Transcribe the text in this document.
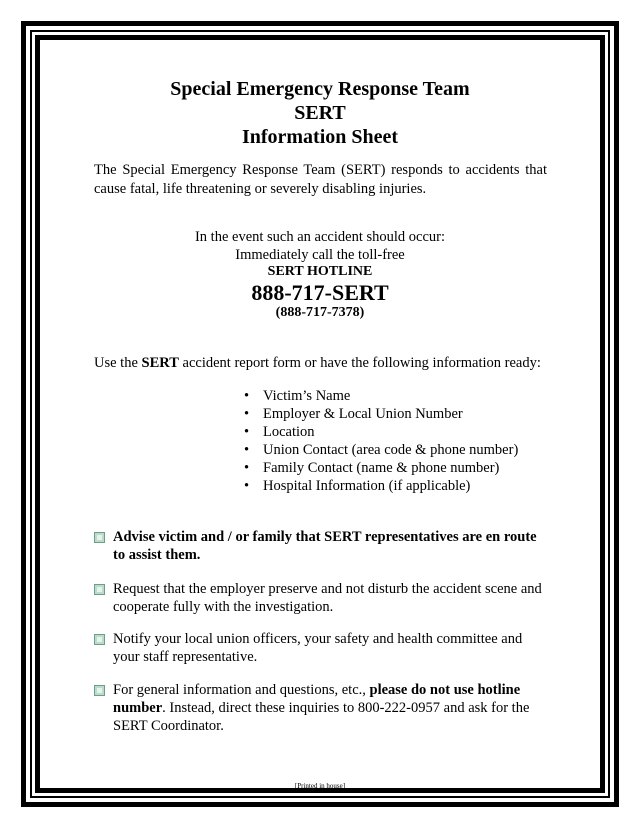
Special Emergency Response Team
SERT
Information Sheet
The Special Emergency Response Team (SERT) responds to accidents that cause fatal, life threatening or severely disabling injuries.
In the event such an accident should occur:
Immediately call the toll-free
SERT HOTLINE
888-717-SERT
(888-717-7378)
Use the SERT accident report form or have the following information ready:
• Victim’s Name
• Employer & Local Union Number
• Location
• Union Contact (area code & phone number)
• Family Contact (name & phone number)
• Hospital Information (if applicable)
Advise victim and / or family that SERT representatives are en route to assist them.
Request that the employer preserve and not disturb the accident scene and cooperate fully with the investigation.
Notify your local union officers, your safety and health committee and your staff representative.
For general information and questions, etc., please do not use hotline number. Instead, direct these inquiries to 800-222-0957 and ask for the SERT Coordinator.
[Printed in house]
